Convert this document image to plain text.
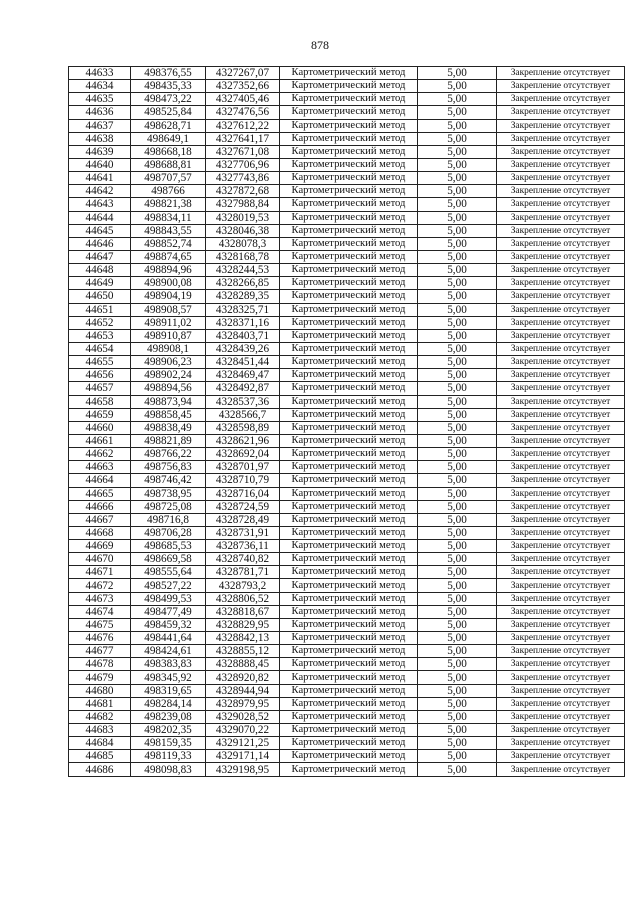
878
44633	498376,55	4327267,07	Картометрический метод	5,00	Закрепление отсутствует
44634	498435,33	4327352,66	Картометрический метод	5,00	Закрепление отсутствует
44635	498473,22	4327405,46	Картометрический метод	5,00	Закрепление отсутствует
44636	498525,84	4327476,56	Картометрический метод	5,00	Закрепление отсутствует
44637	498628,71	4327612,22	Картометрический метод	5,00	Закрепление отсутствует
44638	498649,1	4327641,17	Картометрический метод	5,00	Закрепление отсутствует
44639	498668,18	4327671,08	Картометрический метод	5,00	Закрепление отсутствует
44640	498688,81	4327706,96	Картометрический метод	5,00	Закрепление отсутствует
44641	498707,57	4327743,86	Картометрический метод	5,00	Закрепление отсутствует
44642	498766	4327872,68	Картометрический метод	5,00	Закрепление отсутствует
44643	498821,38	4327988,84	Картометрический метод	5,00	Закрепление отсутствует
44644	498834,11	4328019,53	Картометрический метод	5,00	Закрепление отсутствует
44645	498843,55	4328046,38	Картометрический метод	5,00	Закрепление отсутствует
44646	498852,74	4328078,3	Картометрический метод	5,00	Закрепление отсутствует
44647	498874,65	4328168,78	Картометрический метод	5,00	Закрепление отсутствует
44648	498894,96	4328244,53	Картометрический метод	5,00	Закрепление отсутствует
44649	498900,08	4328266,85	Картометрический метод	5,00	Закрепление отсутствует
44650	498904,19	4328289,35	Картометрический метод	5,00	Закрепление отсутствует
44651	498908,57	4328325,71	Картометрический метод	5,00	Закрепление отсутствует
44652	498911,02	4328371,16	Картометрический метод	5,00	Закрепление отсутствует
44653	498910,87	4328403,71	Картометрический метод	5,00	Закрепление отсутствует
44654	498908,1	4328439,26	Картометрический метод	5,00	Закрепление отсутствует
44655	498906,23	4328451,44	Картометрический метод	5,00	Закрепление отсутствует
44656	498902,24	4328469,47	Картометрический метод	5,00	Закрепление отсутствует
44657	498894,56	4328492,87	Картометрический метод	5,00	Закрепление отсутствует
44658	498873,94	4328537,36	Картометрический метод	5,00	Закрепление отсутствует
44659	498858,45	4328566,7	Картометрический метод	5,00	Закрепление отсутствует
44660	498838,49	4328598,89	Картометрический метод	5,00	Закрепление отсутствует
44661	498821,89	4328621,96	Картометрический метод	5,00	Закрепление отсутствует
44662	498766,22	4328692,04	Картометрический метод	5,00	Закрепление отсутствует
44663	498756,83	4328701,97	Картометрический метод	5,00	Закрепление отсутствует
44664	498746,42	4328710,79	Картометрический метод	5,00	Закрепление отсутствует
44665	498738,95	4328716,04	Картометрический метод	5,00	Закрепление отсутствует
44666	498725,08	4328724,59	Картометрический метод	5,00	Закрепление отсутствует
44667	498716,8	4328728,49	Картометрический метод	5,00	Закрепление отсутствует
44668	498706,28	4328731,91	Картометрический метод	5,00	Закрепление отсутствует
44669	498685,53	4328736,11	Картометрический метод	5,00	Закрепление отсутствует
44670	498669,58	4328740,82	Картометрический метод	5,00	Закрепление отсутствует
44671	498555,64	4328781,71	Картометрический метод	5,00	Закрепление отсутствует
44672	498527,22	4328793,2	Картометрический метод	5,00	Закрепление отсутствует
44673	498499,53	4328806,52	Картометрический метод	5,00	Закрепление отсутствует
44674	498477,49	4328818,67	Картометрический метод	5,00	Закрепление отсутствует
44675	498459,32	4328829,95	Картометрический метод	5,00	Закрепление отсутствует
44676	498441,64	4328842,13	Картометрический метод	5,00	Закрепление отсутствует
44677	498424,61	4328855,12	Картометрический метод	5,00	Закрепление отсутствует
44678	498383,83	4328888,45	Картометрический метод	5,00	Закрепление отсутствует
44679	498345,92	4328920,82	Картометрический метод	5,00	Закрепление отсутствует
44680	498319,65	4328944,94	Картометрический метод	5,00	Закрепление отсутствует
44681	498284,14	4328979,95	Картометрический метод	5,00	Закрепление отсутствует
44682	498239,08	4329028,52	Картометрический метод	5,00	Закрепление отсутствует
44683	498202,35	4329070,22	Картометрический метод	5,00	Закрепление отсутствует
44684	498159,35	4329121,25	Картометрический метод	5,00	Закрепление отсутствует
44685	498119,33	4329171,14	Картометрический метод	5,00	Закрепление отсутствует
44686	498098,83	4329198,95	Картометрический метод	5,00	Закрепление отсутствует
